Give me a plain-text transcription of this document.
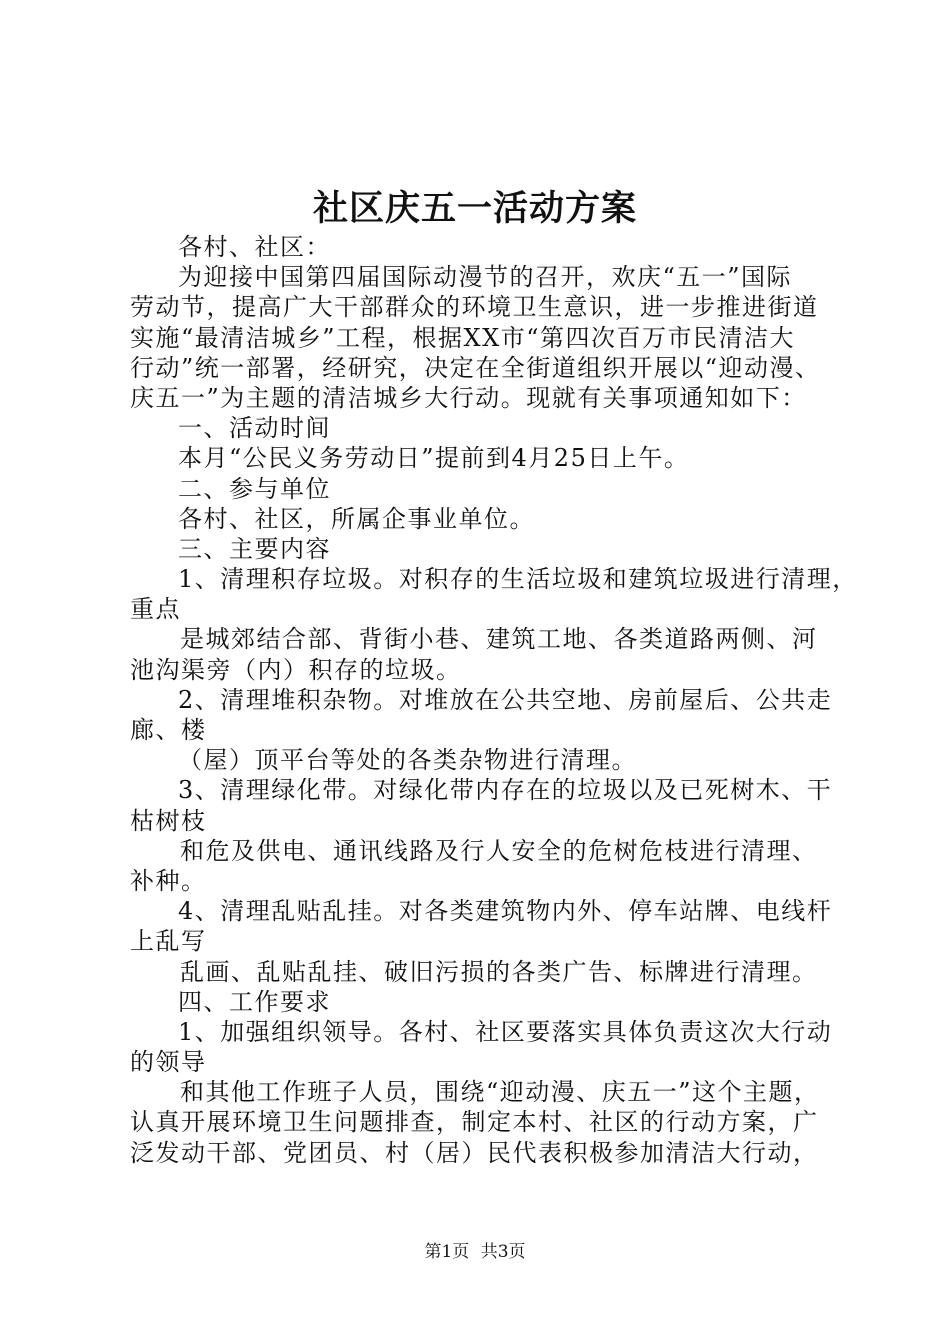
社区庆五一活动方案
各村、社区：
为迎接中国第四届国际动漫节的召开，欢庆“五一”国际
劳动节，提高广大干部群众的环境卫生意识，进一步推进街道
实施“最清洁城乡”工程，根据XX市“第四次百万市民清洁大
行动”统一部署，经研究，决定在全街道组织开展以“迎动漫、
庆五一”为主题的清洁城乡大行动。现就有关事项通知如下：
一、活动时间
本月“公民义务劳动日”提前到4月25日上午。
二、参与单位
各村、社区，所属企事业单位。
三、主要内容
1、清理积存垃圾。对积存的生活垃圾和建筑垃圾进行清理，
重点
是城郊结合部、背街小巷、建筑工地、各类道路两侧、河
池沟渠旁（内）积存的垃圾。
2、清理堆积杂物。对堆放在公共空地、房前屋后、公共走
廊、楼
（屋）顶平台等处的各类杂物进行清理。
3、清理绿化带。对绿化带内存在的垃圾以及已死树木、干
枯树枝
和危及供电、通讯线路及行人安全的危树危枝进行清理、
补种。
4、清理乱贴乱挂。对各类建筑物内外、停车站牌、电线杆
上乱写
乱画、乱贴乱挂、破旧污损的各类广告、标牌进行清理。
四、工作要求
1、加强组织领导。各村、社区要落实具体负责这次大行动
的领导
和其他工作班子人员，围绕“迎动漫、庆五一”这个主题，
认真开展环境卫生问题排查，制定本村、社区的行动方案，广
泛发动干部、党团员、村（居）民代表积极参加清洁大行动，
第1页 共3页
